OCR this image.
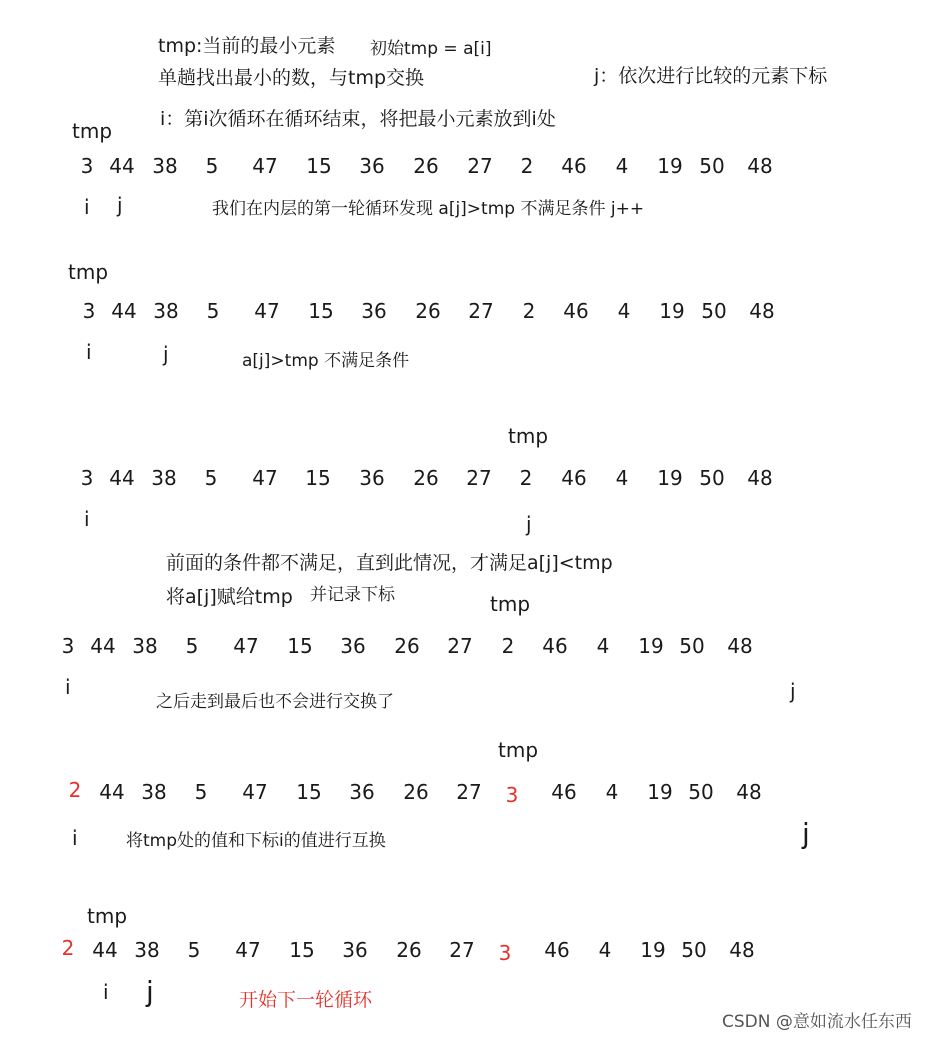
tmp:当前的最小元素 初始tmp = a[i]
单趟找出最小的数，与tmp交换	j：依次进行比较的元素下标
i：第i次循环在循环结束，将把最小元素放到i处
tmp
3 44 38 5 47 15 36 26 27 2 46 4 19 50 48
i j	我们在内层的第一轮循环发现 a[j]>tmp 不满足条件 j++
tmp
3 44 38 5 47 15 36 26 27 2 46 4 19 50 48
i	j	a[j]>tmp 不满足条件
tmp
3 44 38 5 47 15 36 26 27 2 46 4 19 50 48
i	j
前面的条件都不满足，直到此情况，才满足a[j]<tmp
将a[j]赋给tmp 并记录下标	tmp
3 44 38 5 47 15 36 26 27 2 46 4 19 50 48
i	j
之后走到最后也不会进行交换了
tmp
2 44 38 5 47 15 36 26 27 3 46 4 19 50 48
i	j
将tmp处的值和下标i的值进行互换
tmp
2 44 38 5 47 15 36 26 27 3 46 4 19 50 48
i j	开始下一轮循环
CSDN @意如流水任东西
